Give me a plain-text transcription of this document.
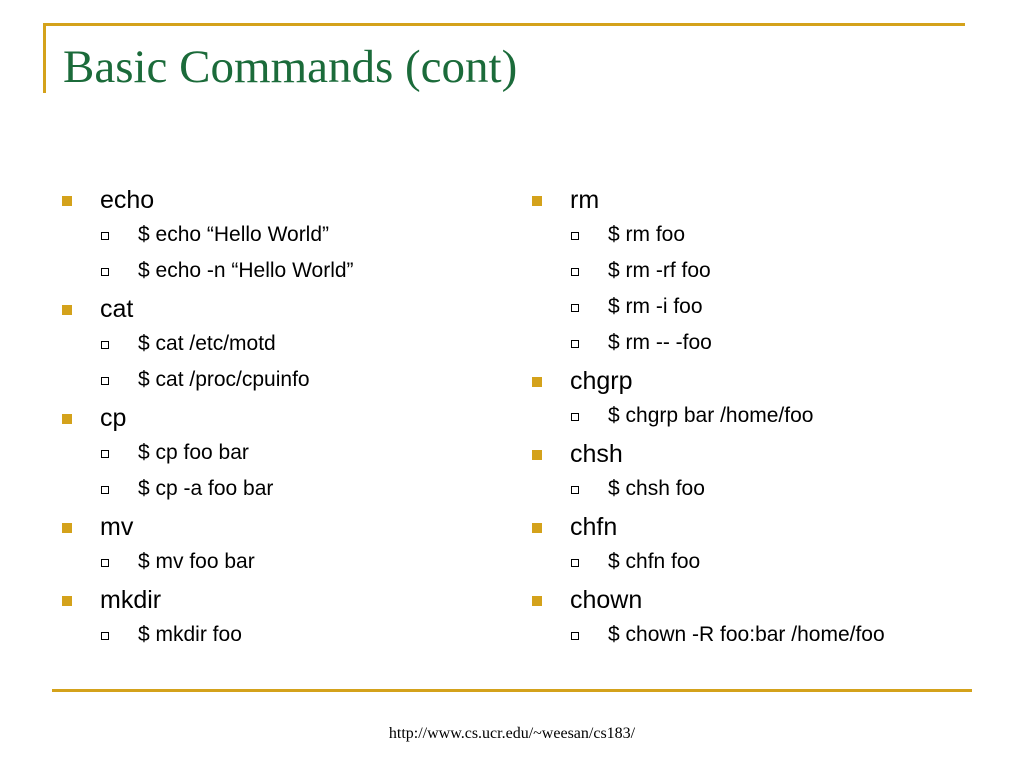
Basic Commands (cont)
echo
$ echo “Hello World”
$ echo -n “Hello World”
cat
$ cat /etc/motd
$ cat /proc/cpuinfo
cp
$ cp foo bar
$ cp -a foo bar
mv
$ mv foo bar
mkdir
$ mkdir foo
rm
$ rm foo
$ rm -rf foo
$ rm -i foo
$ rm -- -foo
chgrp
$ chgrp bar /home/foo
chsh
$ chsh foo
chfn
$ chfn foo
chown
$ chown -R foo:bar /home/foo
http://www.cs.ucr.edu/~weesan/cs183/
